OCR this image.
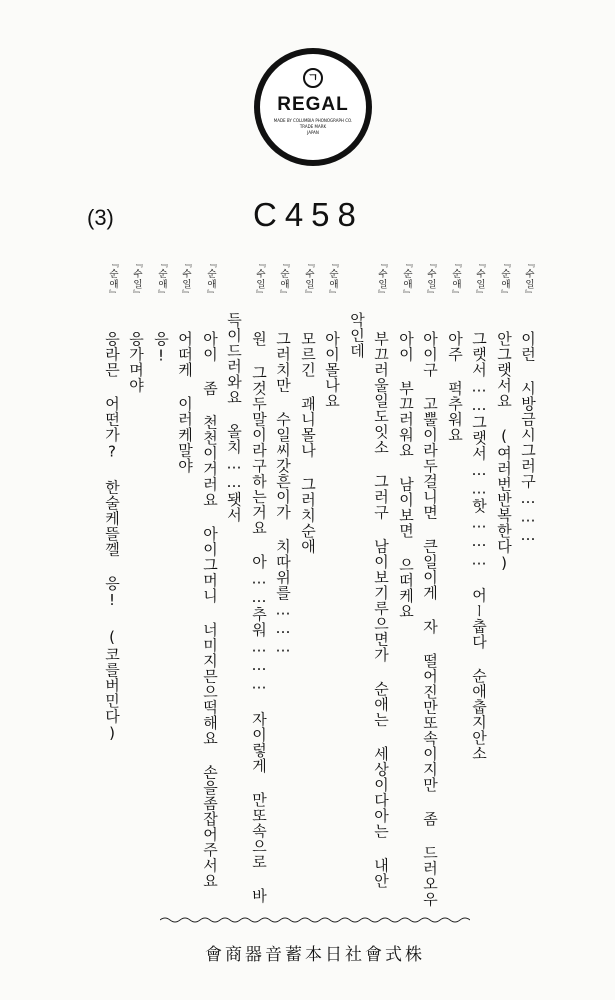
ㄱ
REGAL
MADE BY COLUMBIA PHONOGRAPH CO.
TRADE MARK
JAPAN
(3)	C458
『수일』 이런 시방금시그러구………
『순애』 안그랫서요 (여러번반복한다)
『수일』 그랫서……그랫서……핫……… 어ー춥다 순애춥지안소
『순애』 아주 퍽추워요
『수일』 아이구 고뿔이라두걸니면 큰일이게 자 떨어진만또속이지만 좀 드러오우
『순애』 아이 부끄러워요 남이보면 으떠케요
『수일』 부끄러울일도잇소 그러구 남이보기루으면가 순애는 세상이다아는 내안
악인데
『순애』 아이몰나요
『수일』 모르긴 괘니몰나 그러치순애
『순애』 그러치만 수일씨갓흔이가 치따위를………
『수일』 원 그것두말이라구하는거요 아……추워……… 자이렇게 만또속으로 바
득이드러와요 올치……됏서
『순애』 아이 좀 천천이거러요 아이그머니 너미지믄으떡해요 손을좀잡어주서요
『수일』 어떠케 이러케말야
『순애』 응!
『수일』 응가며야
『순애』 응라믄 어떤가? 한술케뜰껠 응! (코를버민다)
會商器音蓄本日社會式株
